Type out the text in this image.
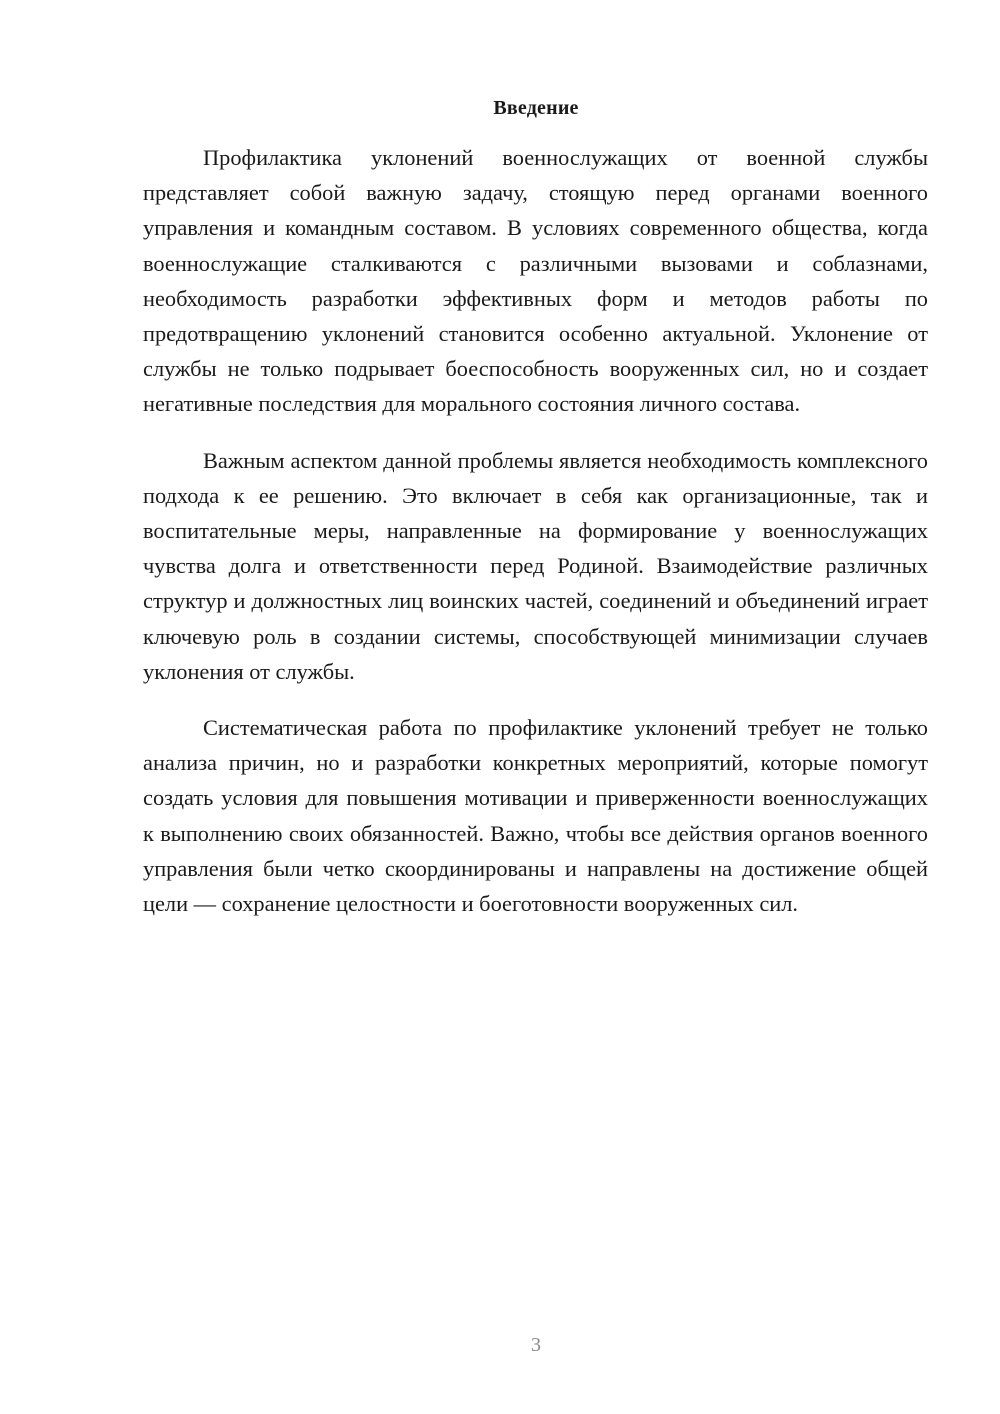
Введение

Профилактика уклонений военнослужащих от военной службы представляет собой важную задачу, стоящую перед органами военного управления и командным составом. В условиях современного общества, когда военнослужащие сталкиваются с различными вызовами и соблазнами, необходимость разработки эффективных форм и методов работы по предотвращению уклонений становится особенно актуальной. Уклонение от службы не только подрывает боеспособность вооруженных сил, но и создает негативные последствия для морального состояния личного состава.

Важным аспектом данной проблемы является необходимость комплексного подхода к ее решению. Это включает в себя как организационные, так и воспитательные меры, направленные на формирование у военнослужащих чувства долга и ответственности перед Родиной. Взаимодействие различных структур и должностных лиц воинских частей, соединений и объединений играет ключевую роль в создании системы, способствующей минимизации случаев уклонения от службы.

Систематическая работа по профилактике уклонений требует не только анализа причин, но и разработки конкретных мероприятий, которые помогут создать условия для повышения мотивации и приверженности военнослужащих к выполнению своих обязанностей. Важно, чтобы все действия органов военного управления были четко скоординированы и направлены на достижение общей цели — сохранение целостности и боеготовности вооруженных сил.

3
